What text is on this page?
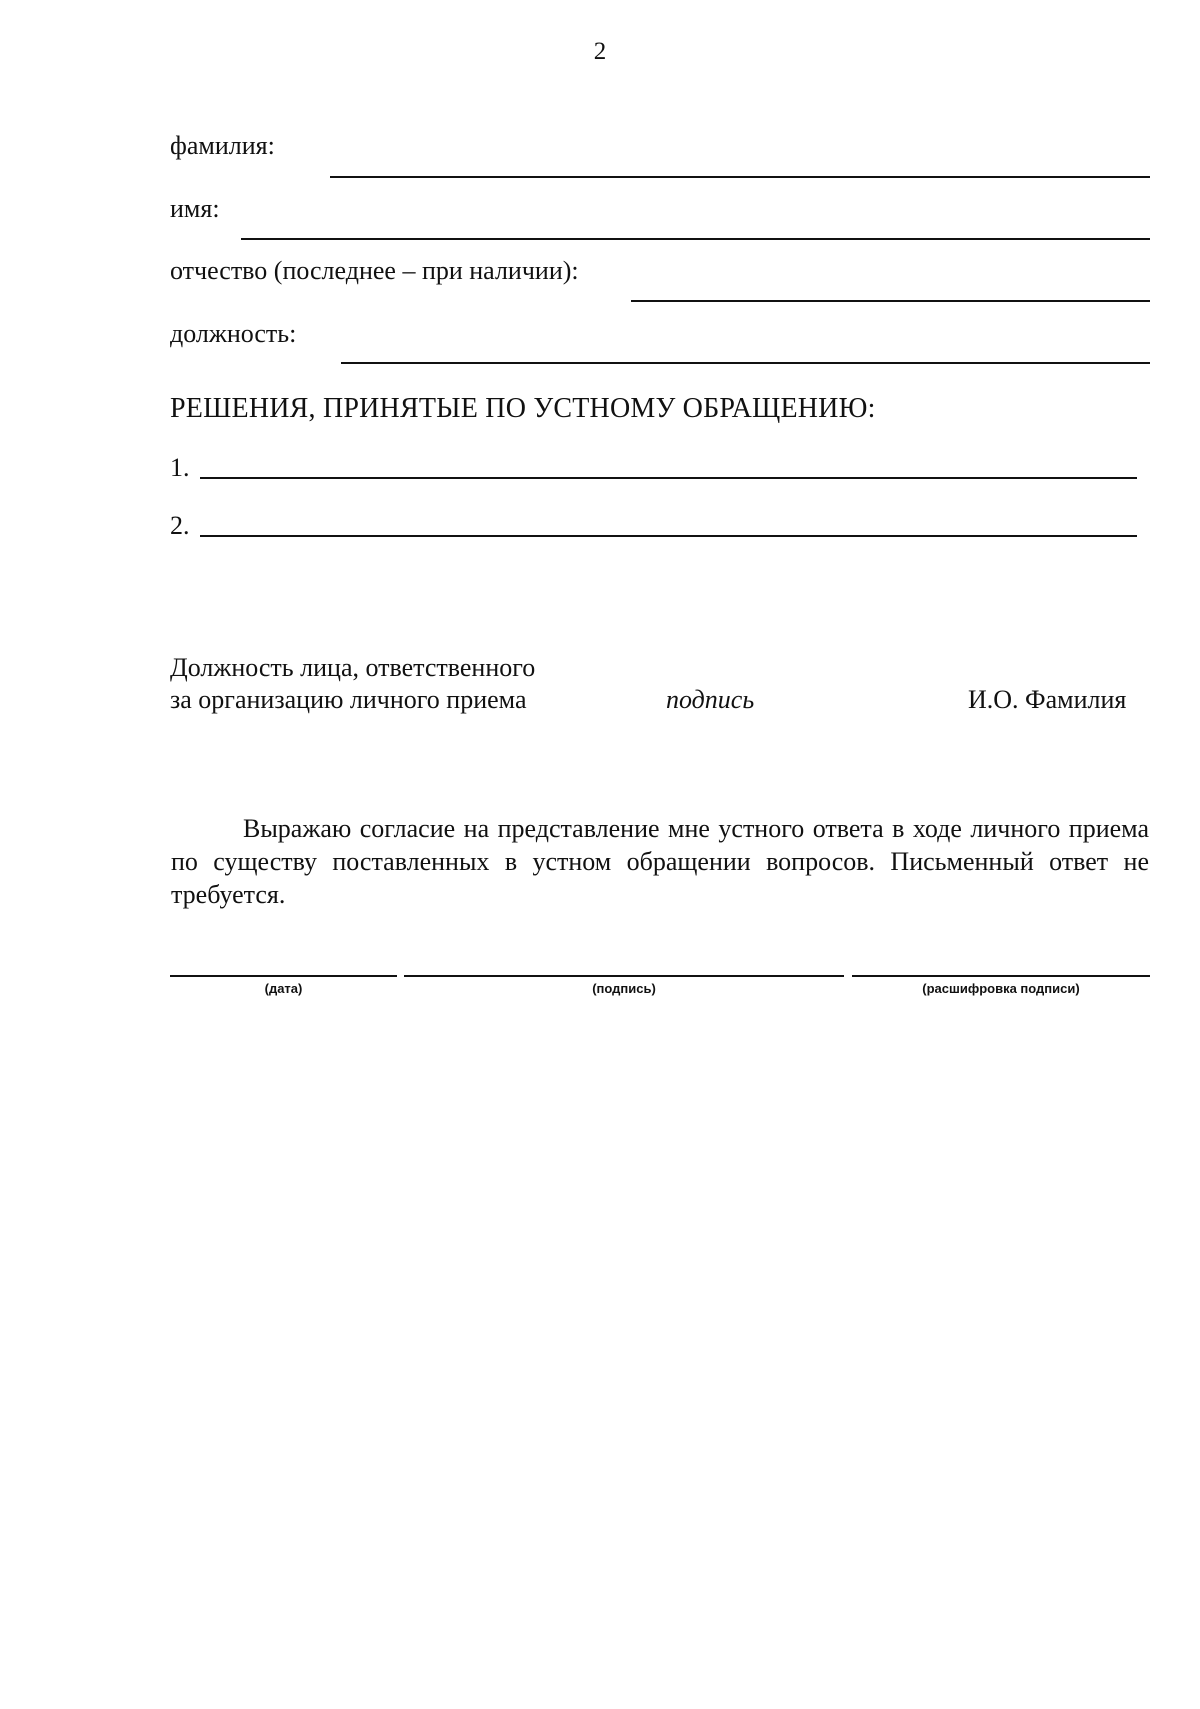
2
фамилия:
имя:
отчество (последнее – при наличии):
должность:
РЕШЕНИЯ, ПРИНЯТЫЕ ПО УСТНОМУ ОБРАЩЕНИЮ:
1.
2.
Должность лица, ответственного
за организацию личного приема	подпись	И.О. Фамилия
Выражаю согласие на представление мне устного ответа в ходе личного приема по существу поставленных в устном обращении вопросов. Письменный ответ не требуется.
(дата)	(подпись)	(расшифровка подписи)
